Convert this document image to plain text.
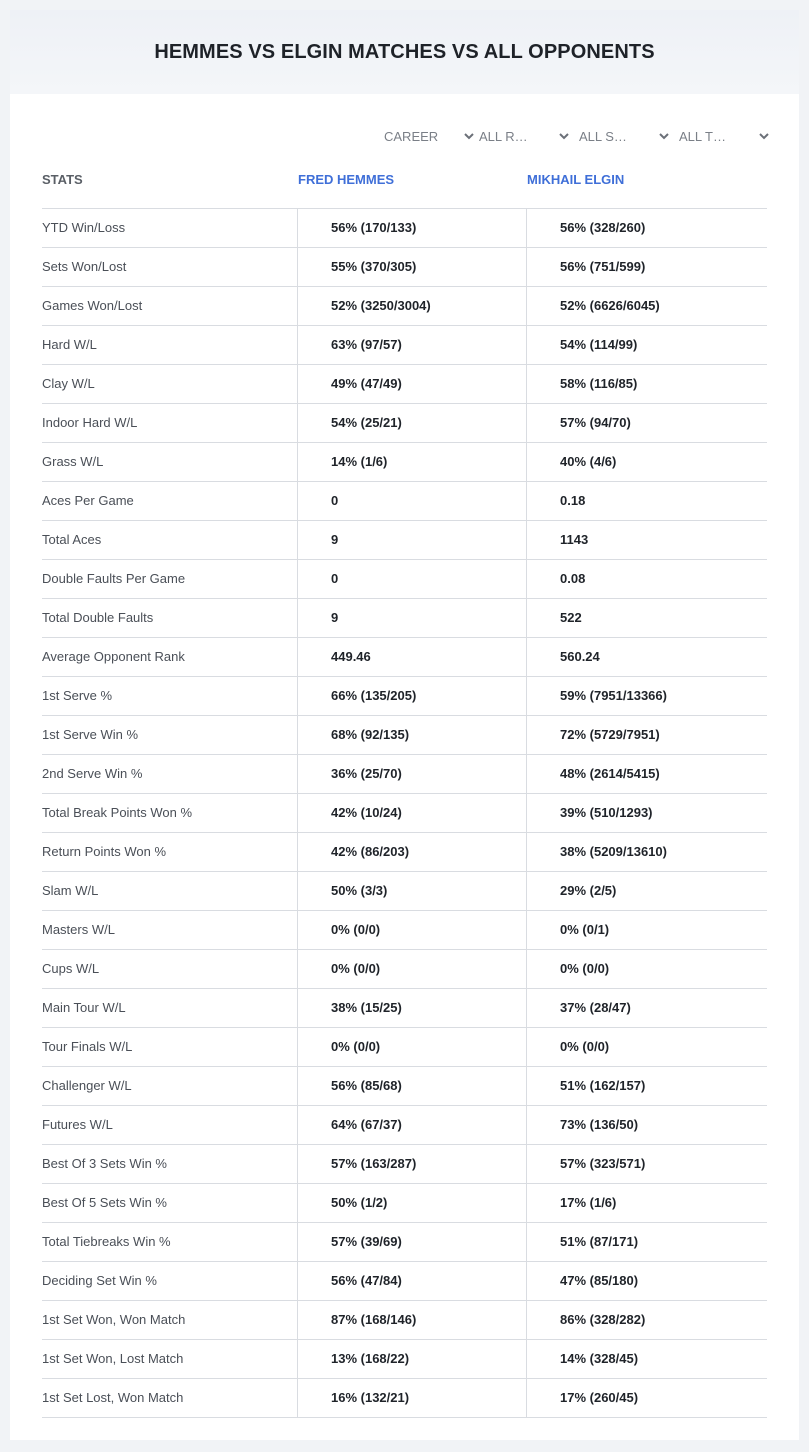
HEMMES VS ELGIN MATCHES VS ALL OPPONENTS
CAREER	ALL R…	ALL S…	ALL T…
STATS	FRED HEMMES	MIKHAIL ELGIN
YTD Win/Loss	56% (170/133)	56% (328/260)
Sets Won/Lost	55% (370/305)	56% (751/599)
Games Won/Lost	52% (3250/3004)	52% (6626/6045)
Hard W/L	63% (97/57)	54% (114/99)
Clay W/L	49% (47/49)	58% (116/85)
Indoor Hard W/L	54% (25/21)	57% (94/70)
Grass W/L	14% (1/6)	40% (4/6)
Aces Per Game	0	0.18
Total Aces	9	1143
Double Faults Per Game	0	0.08
Total Double Faults	9	522
Average Opponent Rank	449.46	560.24
1st Serve %	66% (135/205)	59% (7951/13366)
1st Serve Win %	68% (92/135)	72% (5729/7951)
2nd Serve Win %	36% (25/70)	48% (2614/5415)
Total Break Points Won %	42% (10/24)	39% (510/1293)
Return Points Won %	42% (86/203)	38% (5209/13610)
Slam W/L	50% (3/3)	29% (2/5)
Masters W/L	0% (0/0)	0% (0/1)
Cups W/L	0% (0/0)	0% (0/0)
Main Tour W/L	38% (15/25)	37% (28/47)
Tour Finals W/L	0% (0/0)	0% (0/0)
Challenger W/L	56% (85/68)	51% (162/157)
Futures W/L	64% (67/37)	73% (136/50)
Best Of 3 Sets Win %	57% (163/287)	57% (323/571)
Best Of 5 Sets Win %	50% (1/2)	17% (1/6)
Total Tiebreaks Win %	57% (39/69)	51% (87/171)
Deciding Set Win %	56% (47/84)	47% (85/180)
1st Set Won, Won Match	87% (168/146)	86% (328/282)
1st Set Won, Lost Match	13% (168/22)	14% (328/45)
1st Set Lost, Won Match	16% (132/21)	17% (260/45)
